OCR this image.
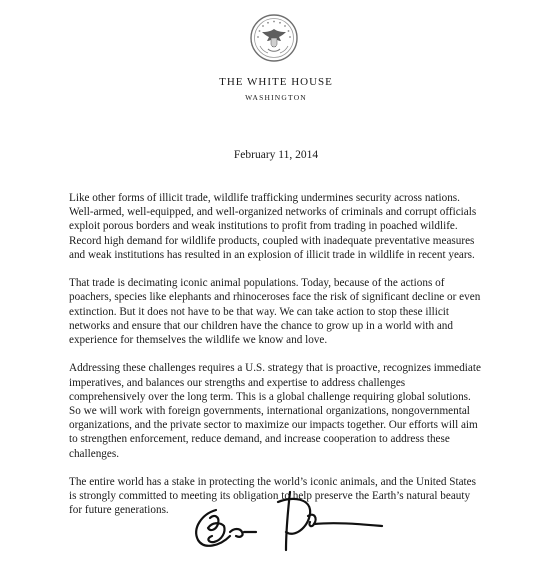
THE WHITE HOUSE
WASHINGTON
February 11, 2014

Like other forms of illicit trade, wildlife trafficking undermines security across nations. Well-armed, well-equipped, and well-organized networks of criminals and corrupt officials exploit porous borders and weak institutions to profit from trading in poached wildlife. Record high demand for wildlife products, coupled with inadequate preventative measures and weak institutions has resulted in an explosion of illicit trade in wildlife in recent years.

That trade is decimating iconic animal populations. Today, because of the actions of poachers, species like elephants and rhinoceroses face the risk of significant decline or even extinction. But it does not have to be that way. We can take action to stop these illicit networks and ensure that our children have the chance to grow up in a world with and experience for themselves the wildlife we know and love.

Addressing these challenges requires a U.S. strategy that is proactive, recognizes immediate imperatives, and balances our strengths and expertise to address challenges comprehensively over the long term. This is a global challenge requiring global solutions. So we will work with foreign governments, international organizations, nongovernmental organizations, and the private sector to maximize our impacts together. Our efforts will aim to strengthen enforcement, reduce demand, and increase cooperation to address these challenges.

The entire world has a stake in protecting the world’s iconic animals, and the United States is strongly committed to meeting its obligation to help preserve the Earth’s natural beauty for future generations.
